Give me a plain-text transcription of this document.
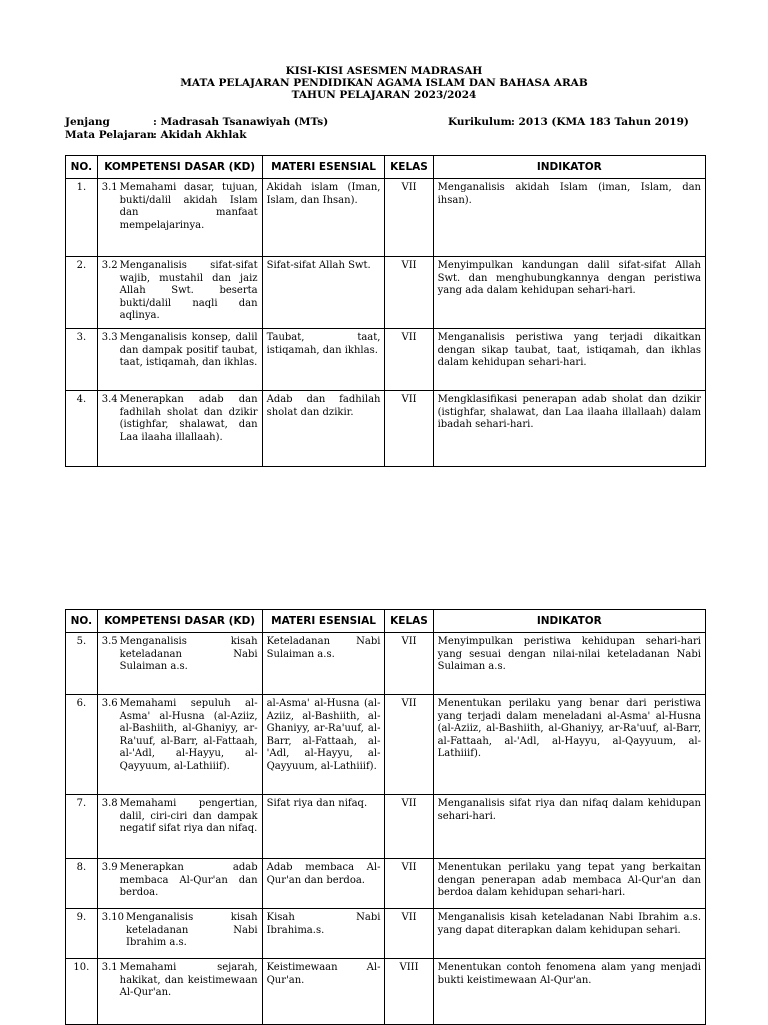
KISI-KISI ASESMEN MADRASAH
MATA PELAJARAN PENDIDIKAN AGAMA ISLAM DAN BAHASA ARAB
TAHUN PELAJARAN 2023/2024
Jenjang	: Madrasah Tsanawiyah (MTs)
Mata Pelajaran: Akidah Akhlak
Kurikulum: 2013 (KMA 183 Tahun 2019)
NO.	KOMPETENSI DASAR (KD)	MATERI ESENSIAL	KELAS	INDIKATOR
1.	3.1 Memahami dasar, tujuan, bukti/dalil akidah Islam dan manfaat mempelajarinya.	Akidah islam (Iman, Islam, dan Ihsan).	VII	Menganalisis akidah Islam (iman, Islam, dan ihsan).
2.	3.2 Menganalisis sifat-sifat wajib, mustahil dan jaiz Allah Swt. beserta bukti/dalil naqli dan aqlinya.	Sifat-sifat Allah Swt.	VII	Menyimpulkan kandungan dalil sifat-sifat Allah Swt. dan menghubungkannya dengan peristiwa yang ada dalam kehidupan sehari-hari.
3.	3.3 Menganalisis konsep, dalil dan dampak positif taubat, taat, istiqamah, dan ikhlas.	Taubat, taat, istiqamah, dan ikhlas.	VII	Menganalisis peristiwa yang terjadi dikaitkan dengan sikap taubat, taat, istiqamah, dan ikhlas dalam kehidupan sehari-hari.
4.	3.4 Menerapkan adab dan fadhilah sholat dan dzikir (istighfar, shalawat, dan Laa ilaaha illallaah).	Adab dan fadhilah sholat dan dzikir.	VII	Mengklasifikasi penerapan adab sholat dan dzikir (istighfar, shalawat, dan Laa ilaaha illallaah) dalam ibadah sehari-hari.
NO.	KOMPETENSI DASAR (KD)	MATERI ESENSIAL	KELAS	INDIKATOR
5.	3.5 Menganalisis kisah keteladanan Nabi Sulaiman a.s.	Keteladanan Nabi Sulaiman a.s.	VII	Menyimpulkan peristiwa kehidupan sehari-hari yang sesuai dengan nilai-nilai keteladanan Nabi Sulaiman a.s.
6.	3.6 Memahami sepuluh al-Asma' al-Husna (al-Aziiz, al-Bashiith, al-Ghaniyy, ar-Ra'uuf, al-Barr, al-Fattaah, al-'Adl, al-Hayyu, al-Qayyuum, al-Lathiiif).	al-Asma' al-Husna (al-Aziiz, al-Bashiith, al-Ghaniyy, ar-Ra'uuf, al-Barr, al-Fattaah, al-'Adl, al-Hayyu, al-Qayyuum, al-Lathiiif).	VII	Menentukan perilaku yang benar dari peristiwa yang terjadi dalam meneladani al-Asma' al-Husna (al-Aziiz, al-Bashiith, al-Ghaniyy, ar-Ra'uuf, al-Barr, al-Fattaah, al-'Adl, al-Hayyu, al-Qayyuum, al-Lathiiif).
7.	3.8 Memahami pengertian, dalil, ciri-ciri dan dampak negatif sifat riya dan nifaq.	Sifat riya dan nifaq.	VII	Menganalisis sifat riya dan nifaq dalam kehidupan sehari-hari.
8.	3.9 Menerapkan adab membaca Al-Qur'an dan berdoa.	Adab membaca Al-Qur'an dan berdoa.	VII	Menentukan perilaku yang tepat yang berkaitan dengan penerapan adab membaca Al-Qur'an dan berdoa dalam kehidupan sehari-hari.
9.	3.10 Menganalisis kisah keteladanan Nabi Ibrahim a.s.	Kisah Nabi Ibrahima.s.	VII	Menganalisis kisah keteladanan Nabi Ibrahim a.s. yang dapat diterapkan dalam kehidupan sehari.
10.	3.1 Memahami sejarah, hakikat, dan keistimewaan Al-Qur'an.	Keistimewaan Al-Qur'an.	VIII	Menentukan contoh fenomena alam yang menjadi bukti keistimewaan Al-Qur'an.
